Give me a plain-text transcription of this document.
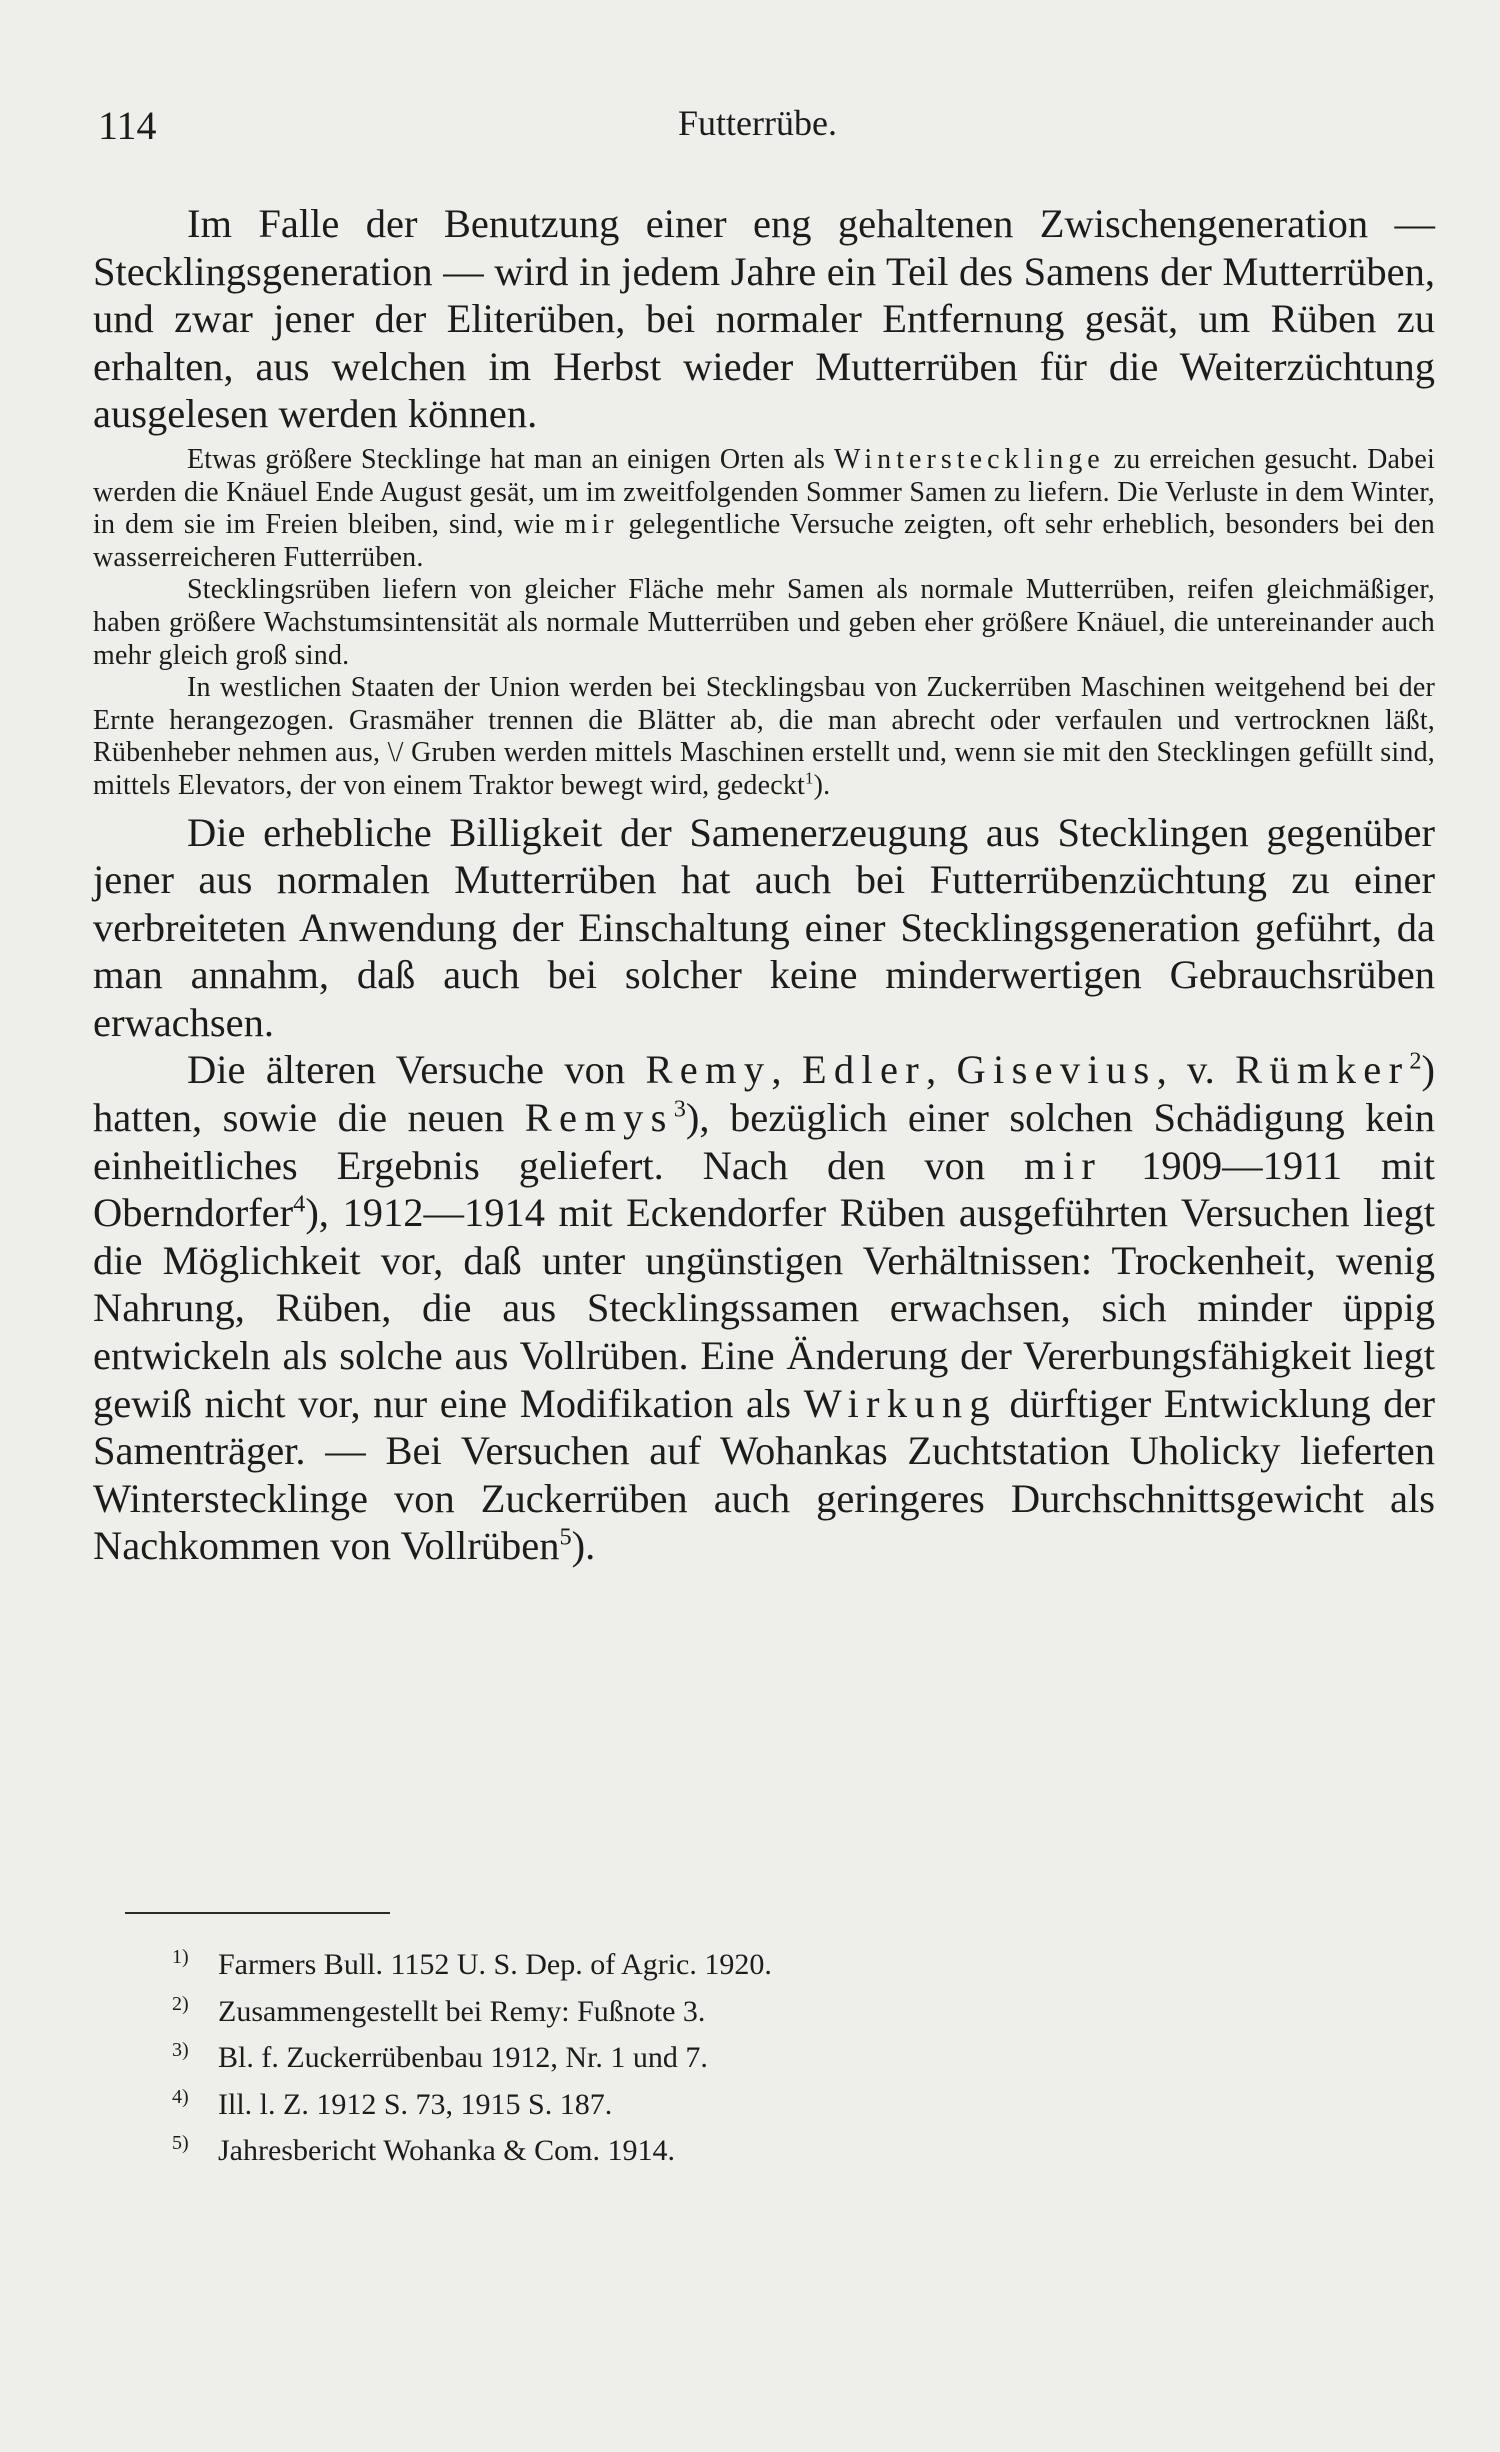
114	Futterrübe.

Im Falle der Benutzung einer eng gehaltenen Zwischengeneration — Stecklingsgeneration — wird in jedem Jahre ein Teil des Samens der Mutterrüben, und zwar jener der Eliterüben, bei normaler Entfernung gesät, um Rüben zu erhalten, aus welchen im Herbst wieder Mutterrüben für die Weiterzüchtung ausgelesen werden können.

Etwas größere Stecklinge hat man an einigen Orten als Winterstecklinge zu erreichen gesucht. Dabei werden die Knäuel Ende August gesät, um im zweitfolgenden Sommer Samen zu liefern. Die Verluste in dem Winter, in dem sie im Freien bleiben, sind, wie mir gelegentliche Versuche zeigten, oft sehr erheblich, besonders bei den wasserreicheren Futterrüben.

Stecklingsrüben liefern von gleicher Fläche mehr Samen als normale Mutterrüben, reifen gleichmäßiger, haben größere Wachstumsintensität als normale Mutterrüben und geben eher größere Knäuel, die untereinander auch mehr gleich groß sind.

In westlichen Staaten der Union werden bei Stecklingsbau von Zuckerrüben Maschinen weitgehend bei der Ernte herangezogen. Grasmäher trennen die Blätter ab, die man abrecht oder verfaulen und vertrocknen läßt, Rübenheber nehmen aus, \/ Gruben werden mittels Maschinen erstellt und, wenn sie mit den Stecklingen gefüllt sind, mittels Elevators, der von einem Traktor bewegt wird, gedeckt$^1$).

Die erhebliche Billigkeit der Samenerzeugung aus Stecklingen gegenüber jener aus normalen Mutterrüben hat auch bei Futterrübenzüchtung zu einer verbreiteten Anwendung der Einschaltung einer Stecklingsgeneration geführt, da man annahm, daß auch bei solcher keine minderwertigen Gebrauchsrüben erwachsen.

Die älteren Versuche von Remy, Edler, Gisevius, v. Rümker$^2$) hatten, sowie die neuen Remys$^3$), bezüglich einer solchen Schädigung kein einheitliches Ergebnis geliefert. Nach den von mir 1909—1911 mit Oberndorfer$^4$), 1912—1914 mit Eckendorfer Rüben ausgeführten Versuchen liegt die Möglichkeit vor, daß unter ungünstigen Verhältnissen: Trockenheit, wenig Nahrung, Rüben, die aus Stecklingssamen erwachsen, sich minder üppig entwickeln als solche aus Vollrüben. Eine Änderung der Vererbungsfähigkeit liegt gewiß nicht vor, nur eine Modifikation als Wirkung dürftiger Entwicklung der Samenträger. — Bei Versuchen auf Wohankas Zuchtstation Uholicky lieferten Winterstecklinge von Zuckerrüben auch geringeres Durchschnittsgewicht als Nachkommen von Vollrüben$^5$).

1) Farmers Bull. 1152 U. S. Dep. of Agric. 1920.
2) Zusammengestellt bei Remy: Fußnote 3.
3) Bl. f. Zuckerrübenbau 1912, Nr. 1 und 7.
4) Ill. l. Z. 1912 S. 73, 1915 S. 187.
5) Jahresbericht Wohanka & Com. 1914.
